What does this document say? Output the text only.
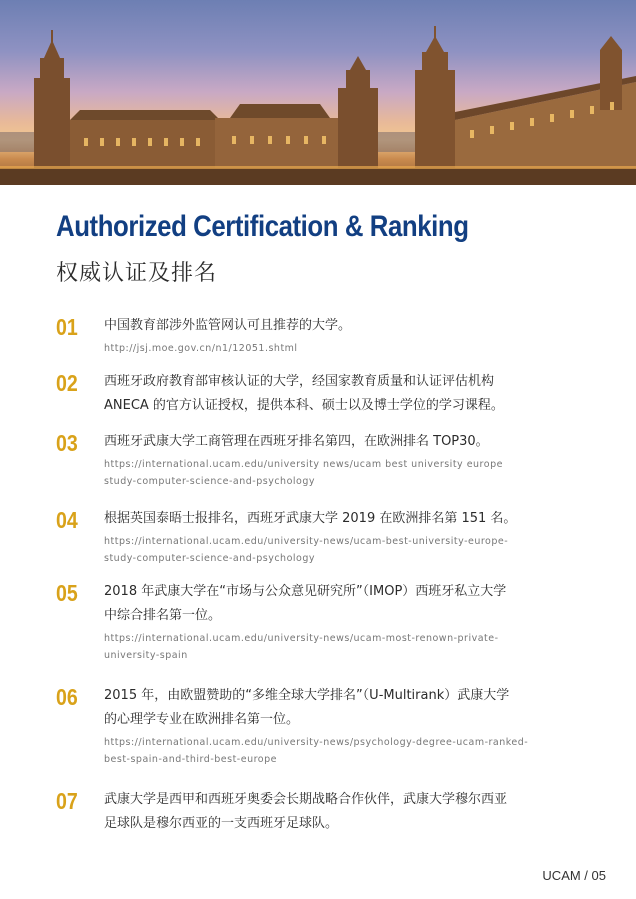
Authorized Certification & Ranking
权威认证及排名
01 中国教育部涉外监管网认可且推荐的大学。
http://jsj.moe.gov.cn/n1/12051.shtml
02 西班牙政府教育部审核认证的大学，经国家教育质量和认证评估机构
ANECA 的官方认证授权，提供本科、硕士以及博士学位的学习课程。
03 西班牙武康大学工商管理在西班牙排名第四，在欧洲排名 TOP30。
https://international.ucam.edu/university news/ucam best university europe
study-computer-science-and-psychology
04 根据英国泰晤士报排名，西班牙武康大学 2019 在欧洲排名第 151 名。
https://international.ucam.edu/university-news/ucam-best-university-europe-
study-computer-science-and-psychology
05 2018 年武康大学在“市场与公众意见研究所”（IMOP）西班牙私立大学
中综合排名第一位。
https://international.ucam.edu/university-news/ucam-most-renown-private-
university-spain
06 2015 年，由欧盟赞助的“多维全球大学排名”（U-Multirank）武康大学
的心理学专业在欧洲排名第一位。
https://international.ucam.edu/university-news/psychology-degree-ucam-ranked-
best-spain-and-third-best-europe
07 武康大学是西甲和西班牙奥委会长期战略合作伙伴，武康大学穆尔西亚
足球队是穆尔西亚的一支西班牙足球队。
UCAM / 05
